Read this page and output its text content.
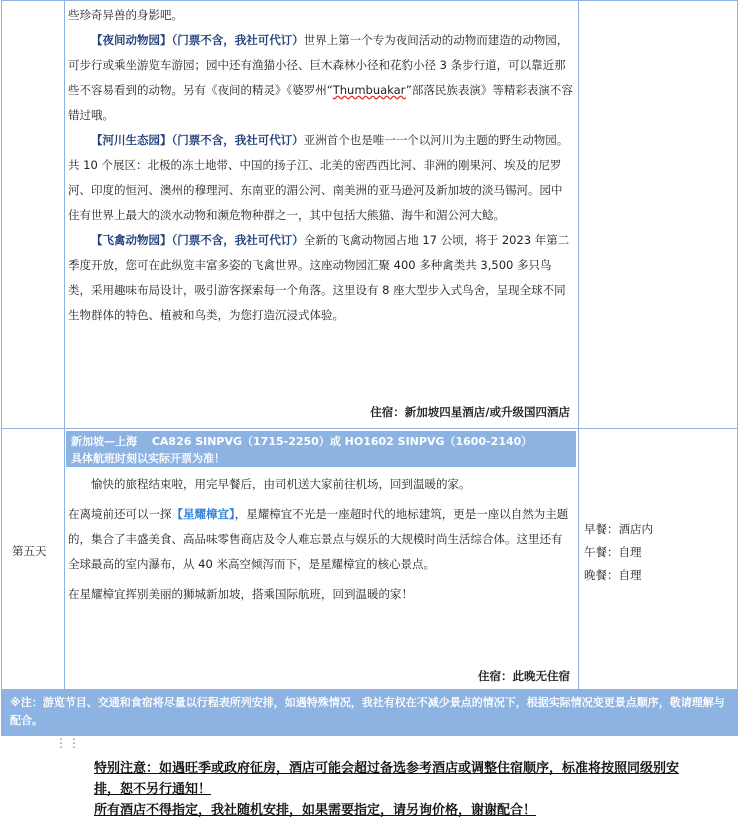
些珍奇异兽的身影吧。

【夜间动物园】（门票不含，我社可代订）世界上第一个专为夜间活动的动物而建造的动物园，可步行或乘坐游览车游园；园中还有渔猫小径、巨木森林小径和花豹小径 3 条步行道，可以靠近那些不容易看到的动物。另有《夜间的精灵》《婆罗州“Thumbuakar”部落民族表演》等精彩表演不容错过哦。

【河川生态园】（门票不含，我社可代订）亚洲首个也是唯一一个以河川为主题的野生动物园。共 10 个展区：北极的冻土地带、中国的扬子江、北美的密西西比河、非洲的刚果河、埃及的尼罗河、印度的恒河、澳州的穆理河、东南亚的湄公河、南美洲的亚马逊河及新加坡的淡马锡河。园中住有世界上最大的淡水动物和濒危物种群之一，其中包括大熊猫、海牛和湄公河大鲶。

【飞禽动物园】（门票不含，我社可代订）全新的飞禽动物园占地 17 公顷，将于 2023 年第二季度开放，您可在此纵览丰富多姿的飞禽世界。这座动物园汇聚 400 多种禽类共 3,500 多只鸟类，采用趣味布局设计，吸引游客探索每一个角落。这里设有 8 座大型步入式鸟舍，呈现全球不同生物群体的特色、植被和鸟类，为您打造沉浸式体验。

住宿：新加坡四星酒店/或升级国四酒店
第五天
新加坡—上海　 CA826 SINPVG（1715-2250）或 HO1602 SINPVG（1600-2140）
具体航班时刻以实际开票为准！

愉快的旅程结束啦，用完早餐后，由司机送大家前往机场，回到温暖的家。

在离境前还可以一探【星耀樟宜】，星耀樟宜不光是一座超时代的地标建筑，更是一座以自然为主题的，集合了丰盛美食、高品味零售商店及令人难忘景点与娱乐的大规模时尚生活综合体。这里还有全球最高的室内瀑布，从 40 米高空倾泻而下，是星耀樟宜的核心景点。

在星耀樟宜挥别美丽的狮城新加坡，搭乘国际航班，回到温暖的家！

住宿：此晚无住宿
早餐：酒店内
午餐：自理
晚餐：自理
※注：游览节目、交通和食宿将尽量以行程表所列安排，如遇特殊情况，我社有权在不减少景点的情况下，根据实际情况变更景点顺序，敬请理解与配合。
⋮⋮
特别注意：如遇旺季或政府征房，酒店可能会超过备选参考酒店或调整住宿顺序，标准将按照同级别安排，恕不另行通知！
所有酒店不得指定，我社随机安排，如果需要指定，请另询价格，谢谢配合！
